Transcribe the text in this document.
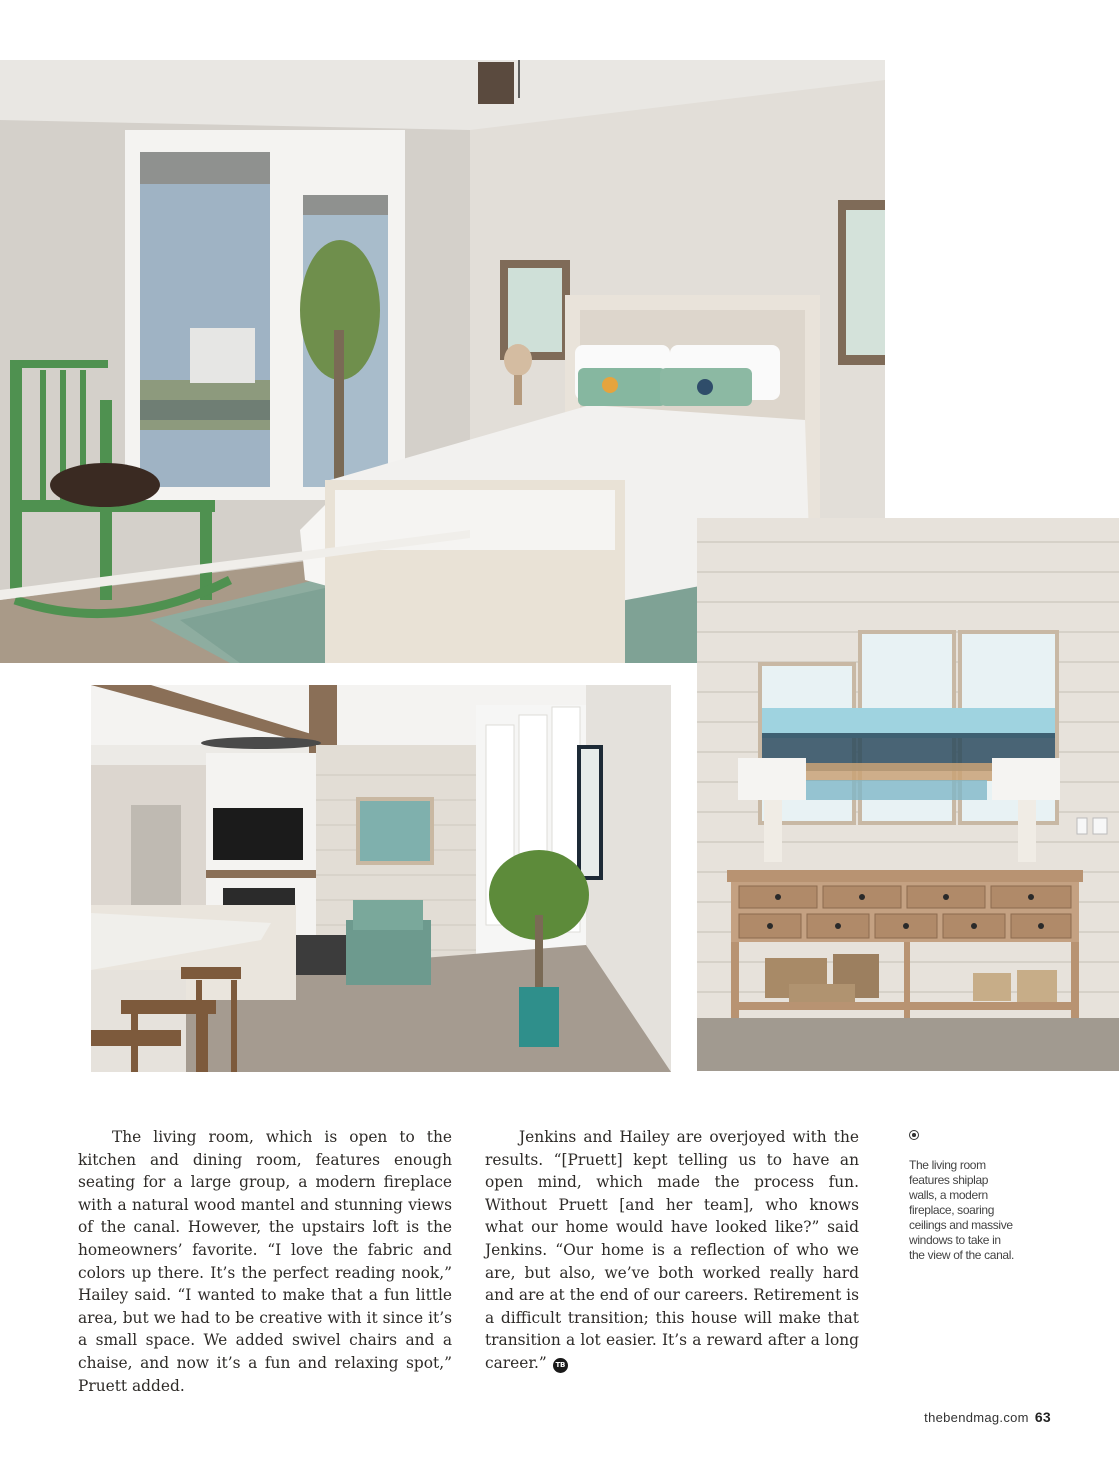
The living room, which is open to the kitchen and dining room, features enough seating for a large group, a modern fireplace with a natural wood mantel and stunning views of the canal. However, the upstairs loft is the homeowners’ favorite. “I love the fabric and colors up there. It’s the perfect reading nook,” Hailey said. “I wanted to make that a fun little area, but we had to be creative with it since it’s a small space. We added swivel chairs and a chaise, and now it’s a fun and relaxing spot,” Pruett added.

Jenkins and Hailey are overjoyed with the results. “[Pruett] kept telling us to have an open mind, which made the process fun. Without Pruett [and her team], who knows what our home would have looked like?” said Jenkins. “Our home is a reflection of who we are, but also, we’ve both worked really hard and are at the end of our careers. Retirement is a difficult transition; this house will make that transition a lot easier. It’s a reward after a long career.” TB

The living room features shiplap walls, a modern fireplace, soaring ceilings and massive windows to take in the view of the canal.
thebendmag.com 63
